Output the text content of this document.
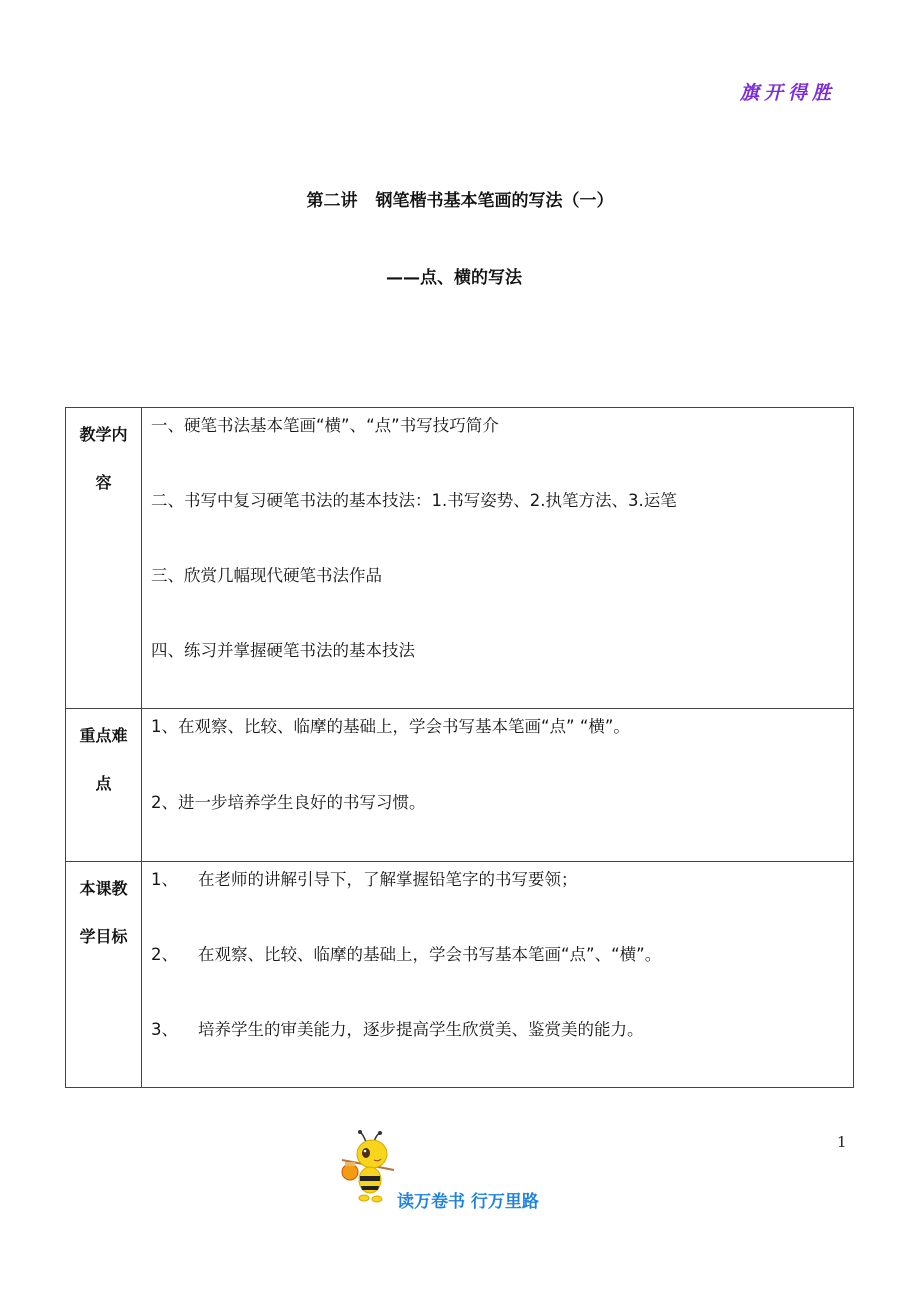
旗开得胜
第二讲 钢笔楷书基本笔画的写法（一）
——点、横的写法
教学内
容

一、硬笔书法基本笔画“横”、“点”书写技巧简介
二、书写中复习硬笔书法的基本技法：1.书写姿势、2.执笔方法、3.运笔
三、欣赏几幅现代硬笔书法作品
四、练习并掌握硬笔书法的基本技法

重点难
点

1、在观察、比较、临摩的基础上，学会书写基本笔画“点” “横”。
2、进一步培养学生良好的书写习惯。

本课教
学目标

1、 在老师的讲解引导下，了解掌握铅笔字的书写要领；
2、 在观察、比较、临摩的基础上，学会书写基本笔画“点”、“横”。
3、 培养学生的审美能力，逐步提高学生欣赏美、鉴赏美的能力。
1
读万卷书 行万里路
